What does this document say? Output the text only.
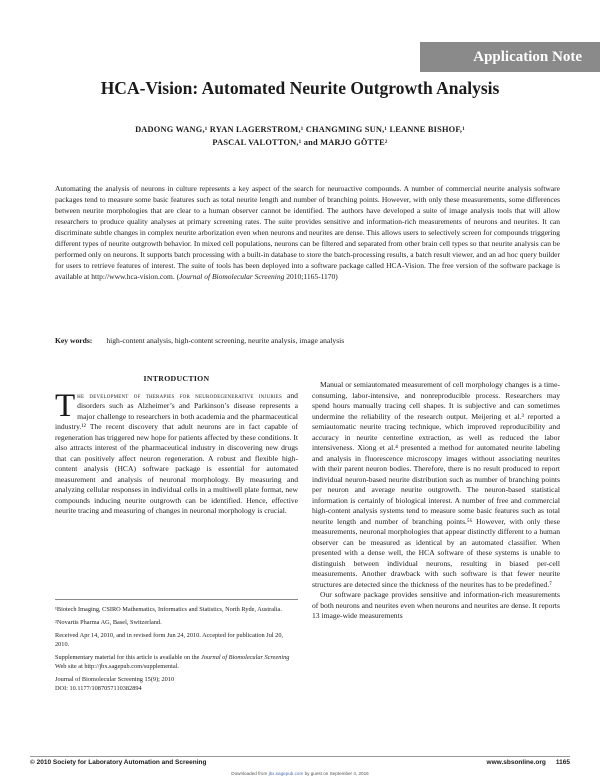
Application Note
HCA-Vision: Automated Neurite Outgrowth Analysis
DADONG WANG,¹ RYAN LAGERSTROM,¹ CHANGMING SUN,¹ LEANNE BISHOF,¹
PASCAL VALOTTON,¹ and MARJO GÖTTE²
Automating the analysis of neurons in culture represents a key aspect of the search for neuroactive compounds. A number of commercial neurite analysis software packages tend to measure some basic features such as total neurite length and number of branching points. However, with only these measurements, some differences between neurite morphologies that are clear to a human observer cannot be identified. The authors have developed a suite of image analysis tools that will allow researchers to produce quality analyses at primary screening rates. The suite provides sensitive and information-rich measurements of neurons and neurites. It can discriminate subtle changes in complex neurite arborization even when neurons and neurites are dense. This allows users to selectively screen for compounds triggering different types of neurite outgrowth behavior. In mixed cell populations, neurons can be filtered and separated from other brain cell types so that neurite analysis can be performed only on neurons. It supports batch processing with a built-in database to store the batch-processing results, a batch result viewer, and an ad hoc query builder for users to retrieve features of interest. The suite of tools has been deployed into a software package called HCA-Vision. The free version of the software package is available at http://www.hca-vision.com. (Journal of Biomolecular Screening 2010;1165-1170)
Key words: high-content analysis, high-content screening, neurite analysis, image analysis
INTRODUCTION

The development of therapies for neurodegenerative injuries and disorders such as Alzheimer’s and Parkinson’s disease represents a major challenge to researchers in both academia and the pharmaceutical industry.¹² The recent discovery that adult neurons are in fact capable of regeneration has triggered new hope for patients affected by these conditions. It also attracts interest of the pharmaceutical industry in discovering new drugs that can positively affect neuron regeneration. A robust and flexible high-content analysis (HCA) software package is essential for automated measurement and analysis of neuronal morphology. By measuring and analyzing cellular responses in individual cells in a multiwell plate format, new compounds inducing neurite outgrowth can be identified. Hence, effective neurite tracing and measuring of changes in neuronal morphology is crucial.

Manual or semiautomated measurement of cell morphology changes is a time-consuming, labor-intensive, and nonreproducible process. Researchers may spend hours manually tracing cell shapes. It is subjective and can sometimes undermine the reliability of the research output. Meijering et al.³ reported a semiautomatic neurite tracing technique, which improved reproducibility and accuracy in neurite centerline extraction, as well as reduced the labor intensiveness. Xiong et al.⁴ presented a method for automated neurite labeling and analysis in fluorescence microscopy images without associating neurites with their parent neuron bodies. Therefore, there is no result produced to report individual neuron-based neurite distribution such as number of branching points per neuron and average neurite outgrowth. The neuron-based statistical information is certainly of biological interest. A number of free and commercial high-content analysis systems tend to measure some basic features such as total neurite length and number of branching points.⁵⁶ However, with only these measurements, neuronal morphologies that appear distinctly different to a human observer can be measured as identical by an automated classifier. When presented with a dense well, the HCA software of these systems is unable to distinguish between individual neurons, resulting in biased per-cell measurements. Another drawback with such software is that fewer neurite structures are detected since the thickness of the neurites has to be predefined.⁷

Our software package provides sensitive and information-rich measurements of both neurons and neurites even when neurons and neurites are dense. It reports 13 image-wide measurements

¹Biotech Imaging, CSIRO Mathematics, Informatics and Statistics, North Ryde, Australia.

²Novartis Pharma AG, Basel, Switzerland.

Received Apr 14, 2010, and in revised form Jun 24, 2010. Accepted for publication Jul 20, 2010.

Supplementary material for this article is available on the Journal of Biomolecular Screening Web site at http://jbx.sagepub.com/supplemental.

Journal of Biomolecular Screening 15(9); 2010

DOI: 10.1177/1087057110382894

© 2010 Society for Laboratory Automation and Screening	www.sbsonline.org 1165
Downloaded from jbx.sagepub.com by guest on September 4, 2016
